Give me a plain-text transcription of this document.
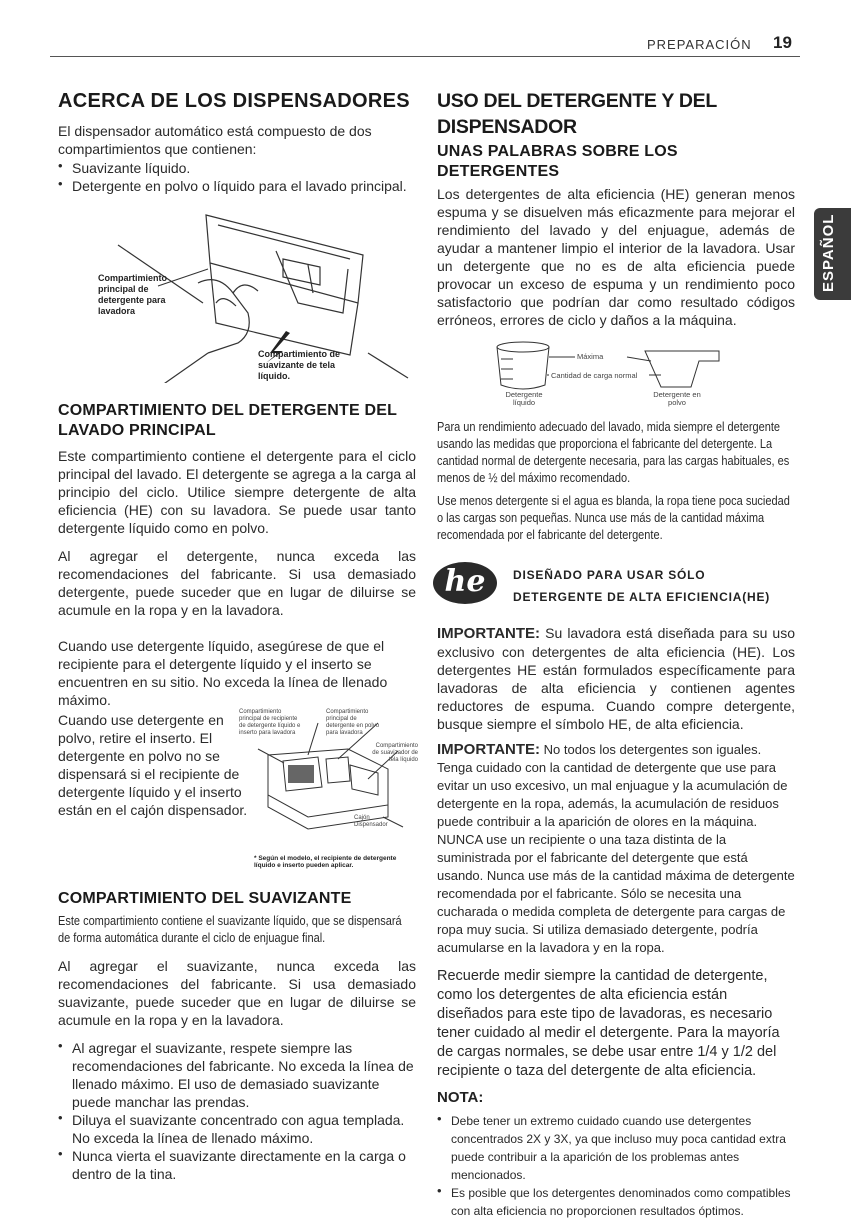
PREPARACIÓN 19
ESPAÑOL
ACERCA DE LOS DISPENSADORES

El dispensador automático está compuesto de dos compartimientos que contienen:

• Suavizante líquido.
• Detergente en polvo o líquido para el lavado principal.
Compartimiento principal de detergente para lavadora
Compartimiento de suavizante de tela líquido.
COMPARTIMIENTO DEL DETERGENTE DEL LAVADO PRINCIPAL

Este compartimiento contiene el detergente para el ciclo principal del lavado. El detergente se agrega a la carga al principio del ciclo. Utilice siempre detergente de alta eficiencia (HE) con su lavadora. Se puede usar tanto detergente líquido como en polvo.

Al agregar el detergente, nunca exceda las recomendaciones del fabricante. Si usa demasiado detergente, puede suceder que en lugar de diluirse se acumule en la ropa y en la lavadora.

Cuando use detergente líquido, asegúrese de que el recipiente para el detergente líquido y el inserto se encuentren en su sitio. No exceda la línea de llenado máximo.

Cuando use detergente en polvo, retire el inserto. El detergente en polvo no se dispensará si el recipiente de detergente líquido y el inserto están en el cajón dispensador.

Compartimiento principal de recipiente de detergente líquido e inserto para lavadora
Compartimiento principal de detergente en polvo para lavadora
Compartimiento de suavizador de tela líquido
Cajón Dispensador
* Según el modelo, el recipiente de detergente líquido e inserto pueden aplicar.
COMPARTIMIENTO DEL SUAVIZANTE

Este compartimiento contiene el suavizante líquido, que se dispensará de forma automática durante el ciclo de enjuague final.

Al agregar el suavizante, nunca exceda las recomendaciones del fabricante. Si usa demasiado suavizante, puede suceder que en lugar de diluirse se acumule en la ropa y en la lavadora.

• Al agregar el suavizante, respete siempre las recomendaciones del fabricante. No exceda la línea de llenado máximo. El uso de demasiado suavizante puede manchar las prendas.
• Diluya el suavizante concentrado con agua templada. No exceda la línea de llenado máximo.
• Nunca vierta el suavizante directamente en la carga o dentro de la tina.
USO DEL DETERGENTE Y DEL DISPENSADOR
UNAS PALABRAS SOBRE LOS DETERGENTES

Los detergentes de alta eficiencia (HE) generan menos espuma y se disuelven más eficazmente para mejorar el rendimiento del lavado y del enjuague, además de ayudar a mantener limpio el interior de la lavadora. Usar un detergente que no es de alta eficiencia puede provocar un exceso de espuma y un rendimiento poco satisfactorio que podrían dar como resultado códigos erróneos, errores de ciclo y daños a la máquina.

Máxima
Cantidad de carga normal
Detergente líquido
Detergente en polvo

Para un rendimiento adecuado del lavado, mida siempre el detergente usando las medidas que proporciona el fabricante del detergente. La cantidad normal de detergente necesaria, para las cargas habituales, es menos de ½ del máximo recomendado.

Use menos detergente si el agua es blanda, la ropa tiene poca suciedad o las cargas son pequeñas. Nunca use más de la cantidad máxima recomendada por el fabricante del detergente.

he	DISEÑADO PARA USAR SÓLO DETERGENTE DE ALTA EFICIENCIA(HE)

IMPORTANTE: Su lavadora está diseñada para su uso exclusivo con detergentes de alta eficiencia (HE). Los detergentes HE están formulados específicamente para lavadoras de alta eficiencia y contienen agentes reductores de espuma. Cuando compre detergente, busque siempre el símbolo HE, de alta eficiencia.

IMPORTANTE: No todos los detergentes son iguales. Tenga cuidado con la cantidad de detergente que use para evitar un uso excesivo, un mal enjuague y la acumulación de detergente en la ropa, además, la acumulación de residuos puede contribuir a la aparición de olores en la máquina. NUNCA use un recipiente o una taza distinta de la suministrada por el fabricante del detergente que está usando. Nunca use más de la cantidad máxima de detergente recomendada por el fabricante. Sólo se necesita una cucharada o medida completa de detergente para cargas de ropa muy sucia. Si utiliza demasiado detergente, podría acumularse en la lavadora y en la ropa.

Recuerde medir siempre la cantidad de detergente, como los detergentes de alta eficiencia están diseñados para este tipo de lavadoras, es necesario tener cuidado al medir el detergente. Para la mayoría de cargas normales, se debe usar entre 1/4 y 1/2 del recipiente o taza del detergente de alta eficiencia.

NOTA:
• Debe tener un extremo cuidado cuando use detergentes concentrados 2X y 3X, ya que incluso muy poca cantidad extra puede contribuir a la aparición de los problemas antes mencionados.
• Es posible que los detergentes denominados como compatibles con alta eficiencia no proporcionen resultados óptimos.
